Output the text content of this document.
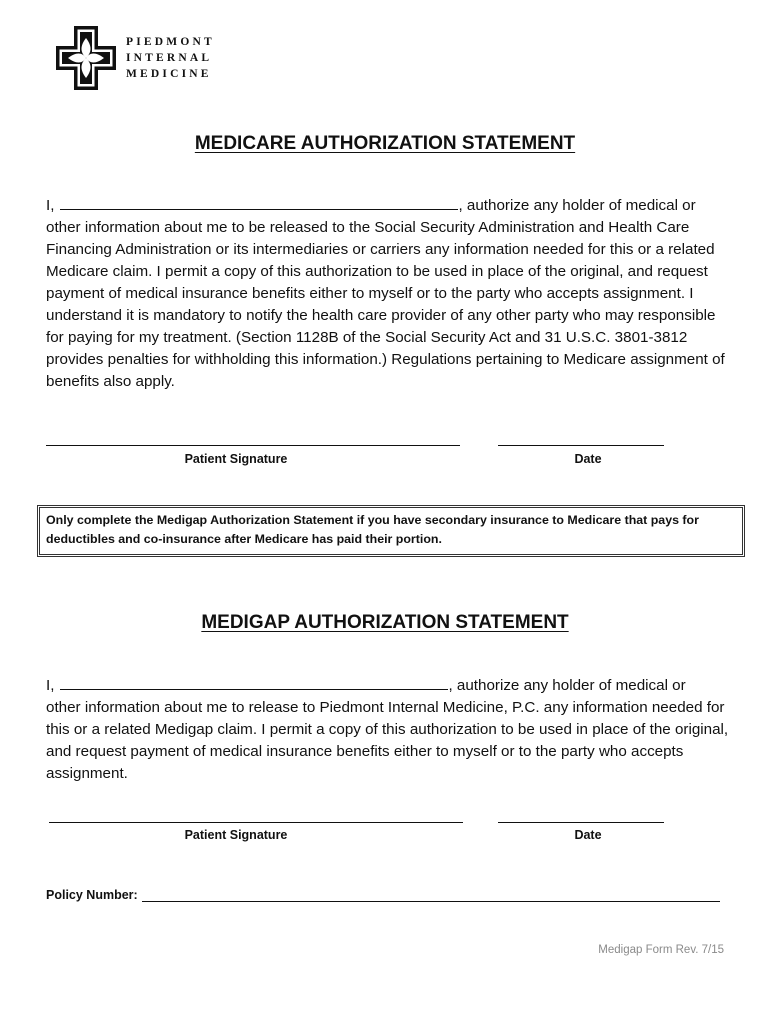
PIEDMONT
INTERNAL
MEDICINE
MEDICARE AUTHORIZATION STATEMENT
I,	, authorize any holder of medical or
other information about me to be released to the Social Security Administration and Health Care Financing Administration or its intermediaries or carriers any information needed for this or a related Medicare claim. I permit a copy of this authorization to be used in place of the original, and request payment of medical insurance benefits either to myself or to the party who accepts assignment. I understand it is mandatory to notify the health care provider of any other party who may responsible for paying for my treatment. (Section 1128B of the Social Security Act and 31 U.S.C. 3801-3812 provides penalties for withholding this information.) Regulations pertaining to Medicare assignment of benefits also apply.
Patient Signature	Date
Only complete the Medigap Authorization Statement if you have secondary insurance to Medicare that pays for deductibles and co-insurance after Medicare has paid their portion.
MEDIGAP AUTHORIZATION STATEMENT
I,	, authorize any holder of medical or
other information about me to release to Piedmont Internal Medicine, P.C. any information needed for this or a related Medigap claim. I permit a copy of this authorization to be used in place of the original, and request payment of medical insurance benefits either to myself or to the party who accepts assignment.
Patient Signature	Date
Policy Number:
Medigap Form Rev. 7/15
